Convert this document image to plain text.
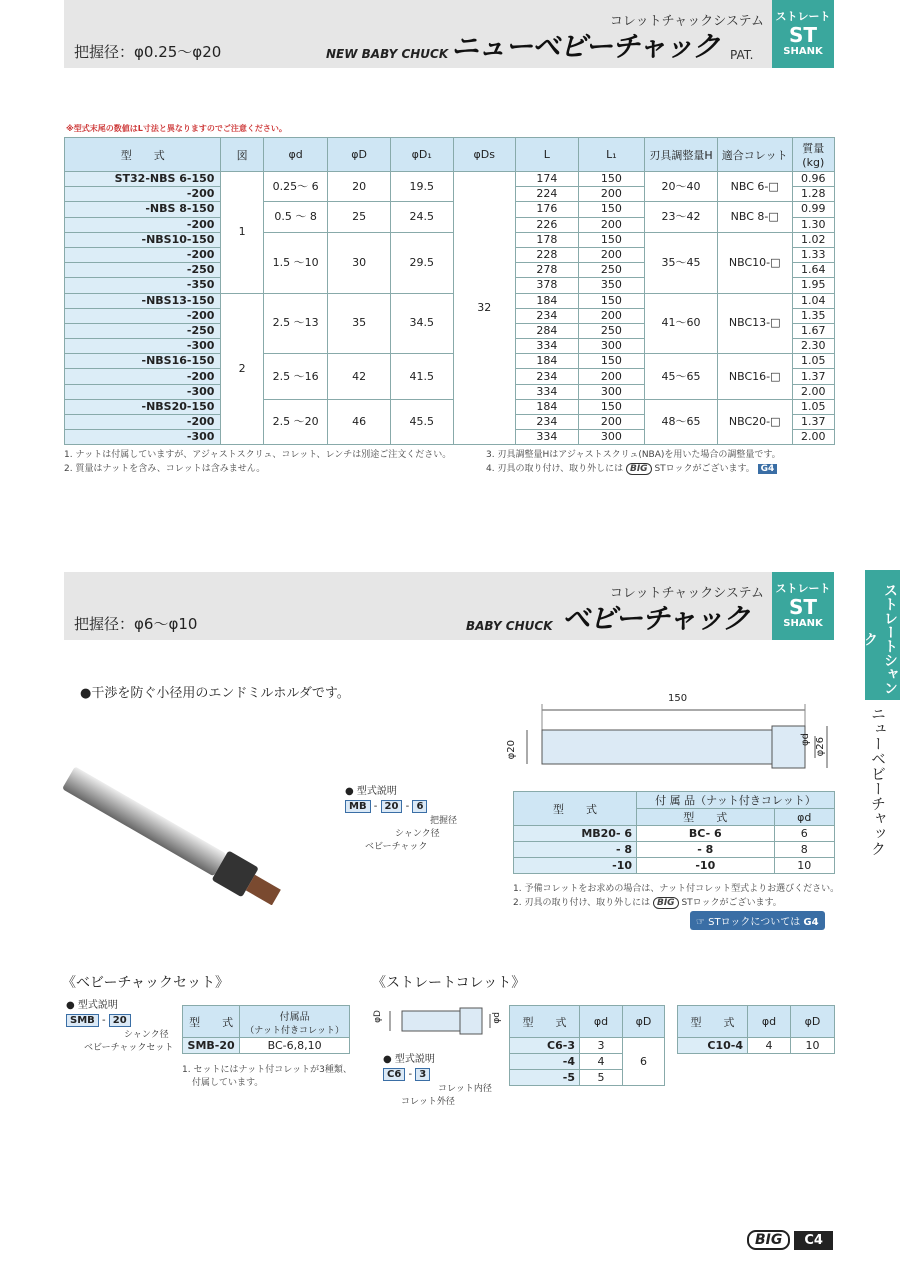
把握径：φ0.25～φ20
コレットチャックシステム
NEW BABY CHUCK ニューベビーチャック PAT.
ストレート
ST
SHANK
※型式末尾の数値はL寸法と異なりますのでご注意ください。
型　　式	図	φd	φD	φD₁	φDs	L	L₁	刃具調整量H	適合コレット	質量(kg)
ST32-NBS 6-150	1	0.25～ 6	20	19.5	32	174	150	20～40	NBC 6-□	0.96
-200						224	200			1.28
-NBS 8-150		0.5 ～ 8	25	24.5		176	150	23～42	NBC 8-□	0.99
-200						226	200			1.30
-NBS10-150		1.5 ～10	30	29.5		178	150	35～45	NBC10-□	1.02
-200						228	200			1.33
-250						278	250			1.64
-350						378	350			1.95
-NBS13-150	2	2.5 ～13	35	34.5		184	150	41～60	NBC13-□	1.04
-200						234	200			1.35
-250						284	250			1.67
-300						334	300			2.30
-NBS16-150		2.5 ～16	42	41.5		184	150	45～65	NBC16-□	1.05
-200						234	200			1.37
-300						334	300			2.00
-NBS20-150		2.5 ～20	46	45.5		184	150	48～65	NBC20-□	1.05
-200						234	200			1.37
-300						334	300			2.00
1. ナットは付属していますが、アジャストスクリュ、コレット、レンチは別途ご注文ください。
2. 質量はナットを含み、コレットは含みません。
3. 刃具調整量Hはアジャストスクリュ(NBA)を用いた場合の調整量です。
4. 刃具の取り付け、取り外しには BIG STロックがございます。 G4
把握径：φ6～φ10
コレットチャックシステム
BABY CHUCK ベビーチャック
ストレート
ST
SHANK	ストレートシャンク
ニューベビーチャック
●干渉を防ぐ小径用のエンドミルホルダです。
● 型式説明
MB - 20 - 6
把握径
シャンク径
ベビーチャック
150
φ20
φd φ26
型　　式	付 属 品（ナット付きコレット）	
	型　　式	φd
MB20- 6	BC- 6	6
- 8	- 8	8
-10	-10	10
1. 予備コレットをお求めの場合は、ナット付コレット型式よりお選びください。
2. 刃具の取り付け、取り外しには BIG STロックがございます。
☞ STロックについては G4
《ベビーチャックセット》
● 型式説明
SMB - 20
シャンク径
ベビーチャックセット
型　　式	付属品
（ナット付きコレット）

SMB-20	BC-6,8,10
1. セットにはナット付コレットが3種類、
付属しています。
《ストレートコレット》
φD	φd
● 型式説明
C6 - 3
コレット内径
コレット外径
型　　式	φd	φD
C6-3	3	6
-4	4	
-5	5	
型　　式	φd	φD
C10-4	4	10
BIG	C4
